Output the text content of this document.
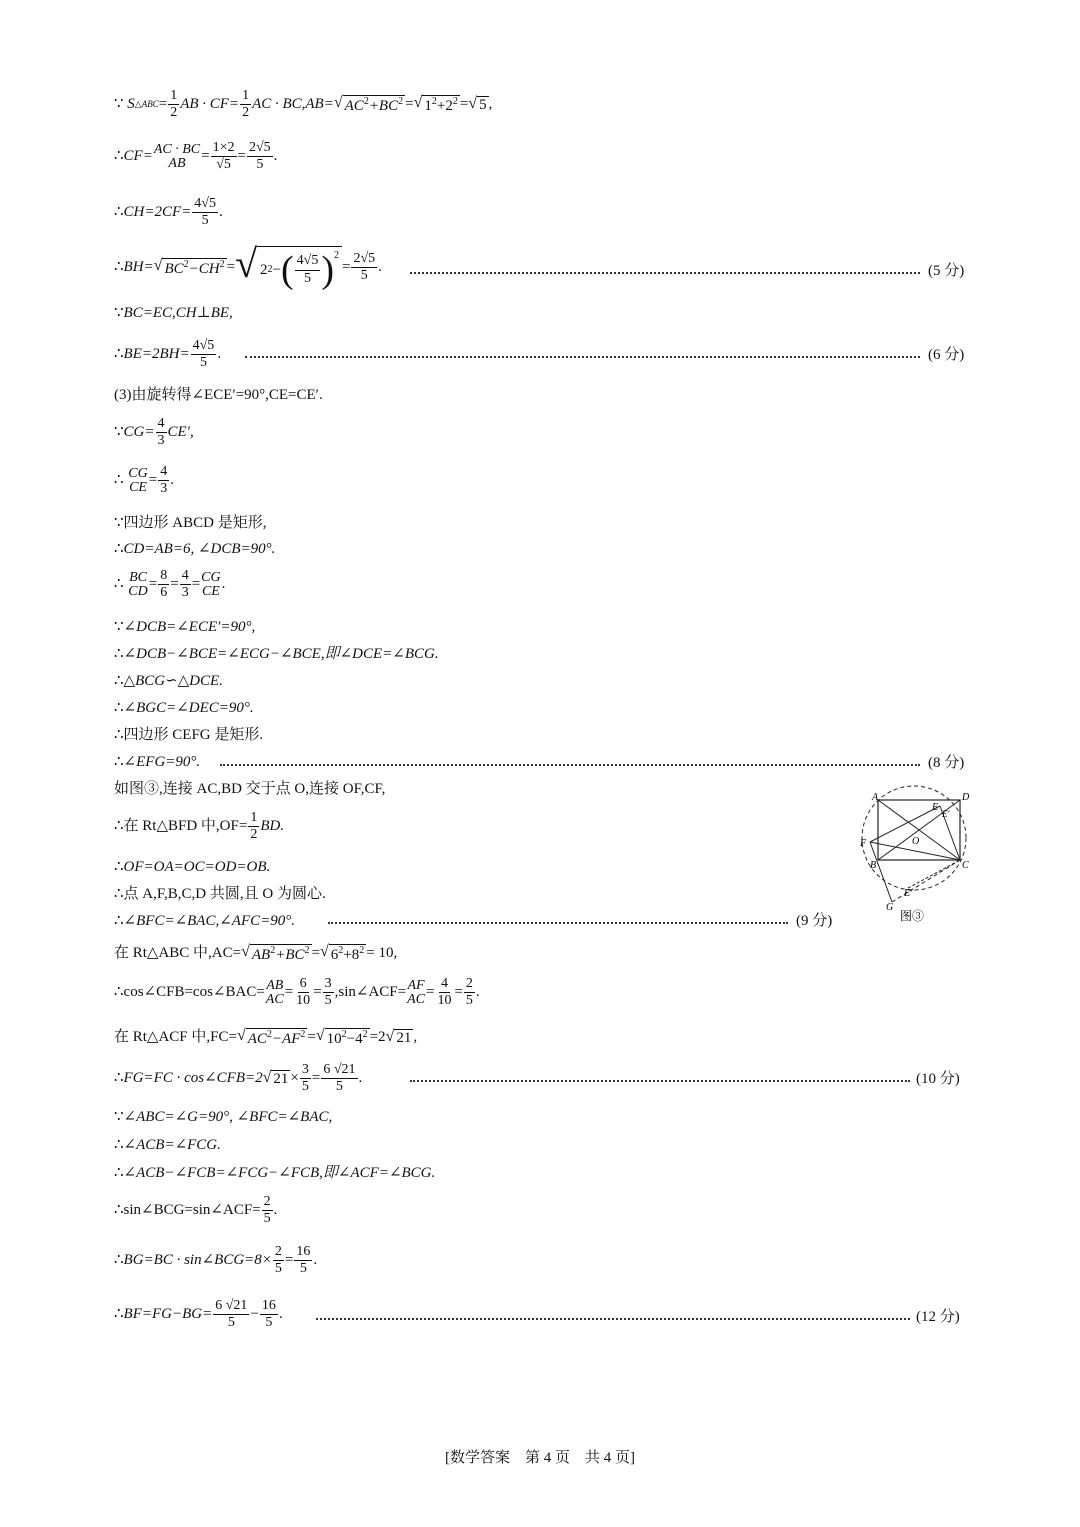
∵
S △ABC = $\frac{1}{2}$ AB · $CF= \frac{1}{2}$ AC · BC,AB= √ $AC^2+BC^2$ = √ $1^2+2^2$ = √ 5 ,
∴ CF= AC · BC
AB = $\frac{1\times 2}{√5} = \frac{2√5}{5}$ .
∴ $CH=2CF= \frac{4√5}{5}$ .
∴ BH= √ $BC^2-CH^2$ = √ 2 2 − ( $\frac{4√5}{5} )^2$
= $\frac{2√5}{5}$ .	(5 分)
∵ BC=EC,CH⊥BE,
∴ $BE=2BH= \frac{4√5}{5}$ .	(6 分)
(3)由旋转得∠ECE′=90°,CE=CE′.
∵ $CG= \frac{4}{3} CE'$,
∴
CG
CE = $\frac{4}{3}$ .
∵ 四边形 ABCD 是矩形,
∴ CD=AB=6, ∠DCB=90°.
∴
BC
CD = $\frac{8}{6} = \frac{4}{3}$ = CG
CE .
∵ ∠DCB=∠ECE′=90°,
∴ ∠DCB−∠BCE=∠ECG−∠BCE,即∠DCE=∠BCG.
∴ △BCG∽△DCE.
∴ ∠BGC=∠DEC=90°.
∴ 四边形 CEFG 是矩形.
∴ ∠EFG=90°.	(8 分)
如图③,连接 AC,BD 交于点 O,连接 OF,CF,
∴ 在 Rt△BFD 中$,OF= \frac{1}{2}$ BD.
∴ OF=OA=OC=OD=OB.
∴ 点 A,F,B,C,D 共圆,且 O 为圆心.
∴ ∠BFC=∠BAC,∠AFC=90°.	(9 分)
A	D
E
E′
F	O
B	C
G
E′
图③
在 Rt△ABC 中,AC= √ $AB^2+BC^2$ = √ $6^2+8^2 = 10$,
∴ cos∠CFB=cos∠BAC= AB
AC = $\frac{6}{10} = \frac{3}{5}$ ,sin∠ACF= AF
AC = $\frac{4}{10} = \frac{2}{5}$ .
在 Rt△ACF 中,FC= √ $AC^2-AF^2$ = √ $10^2-4^2 =2$ √ 21 ,
∴ FG=FC · cos∠CFB=2 √ $21 \times \frac{3}{5} = \frac{6 √21}{5}$ .	(10 分)
∵ ∠ABC=∠G=90°, ∠BFC=∠BAC,
∴ ∠ACB=∠FCG.
∴ ∠ACB−∠FCB=∠FCG−∠FCB,即∠ACF=∠BCG.
∴ sin∠BCG=sin∠ACF= $\frac{2}{5}$ .
∴ BG=BC · sin∠BCG=8× $\frac{2}{5} = \frac{16}{5}$ .
∴ $BF=FG-BG= \frac{6 √21}{5} - \frac{16}{5}$ .	(12 分)
[数学答案　第 4 页　共 4 页]
